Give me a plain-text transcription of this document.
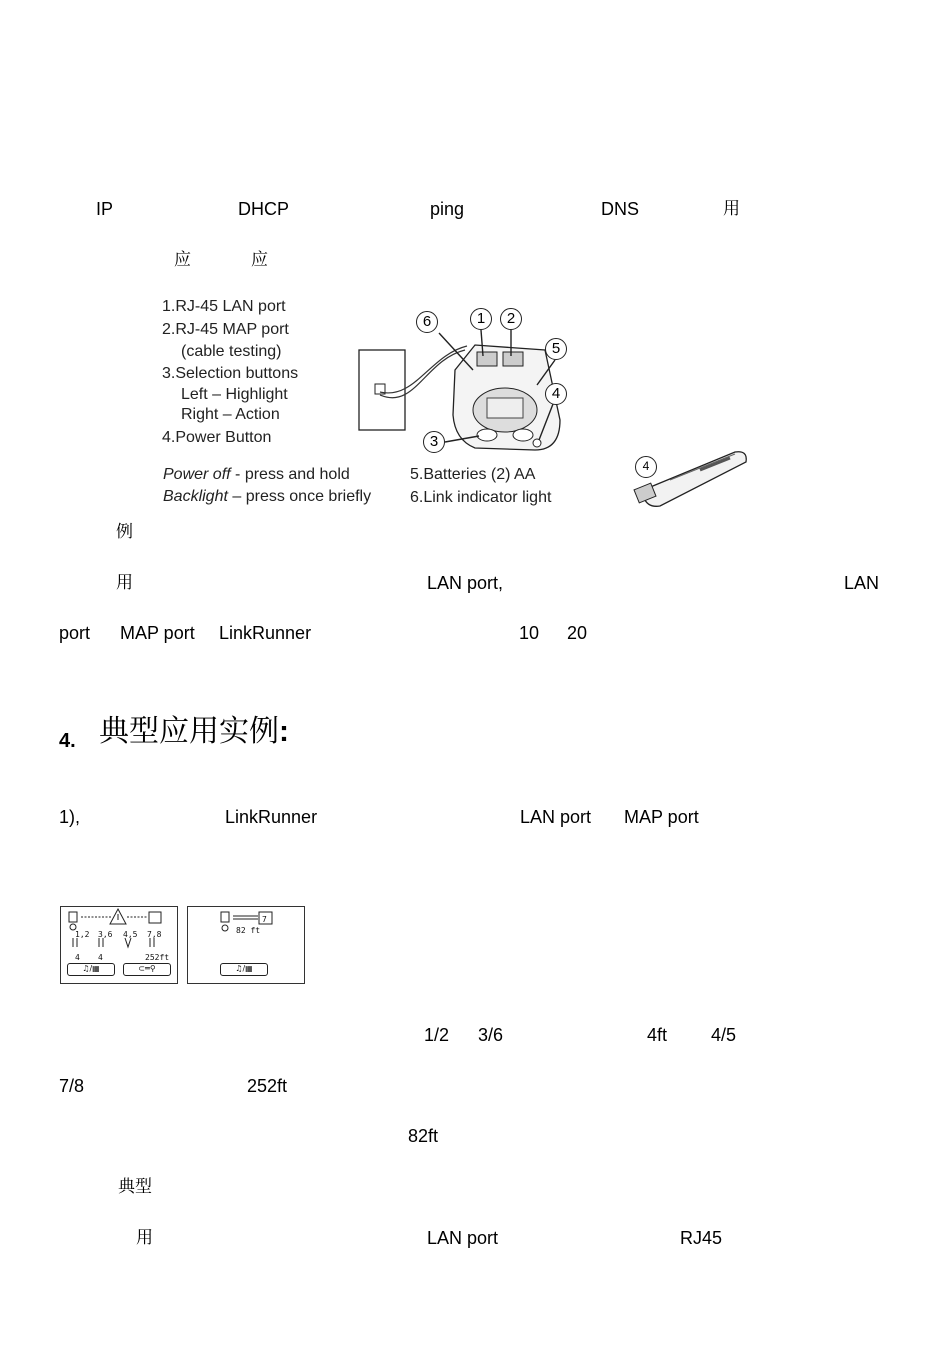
IP	DHCP	ping	DNS	用
应	应
1.RJ-45 LAN port
2.RJ-45 MAP port
(cable testing)
3.Selection buttons
Left – Highlight
Right – Action
4.Power Button
Power off - press and hold
Backlight – press once briefly
5.Batteries (2) AA
6.Link indicator light
6	1	2
5
4
3
4
例
用	LAN port,	LAN
port MAP port LinkRunner	10 20
4. 典型应用实例:
1),	LinkRunner	LAN port MAP port
1,2 3,6 4,5 7,8
4 4	252ft
♫/▦	⊂═⚲
7
82 ft
♫/▦
1/2 3/6	4ft 4/5
7/8	252ft
82ft
典型
用	LAN port	RJ45
